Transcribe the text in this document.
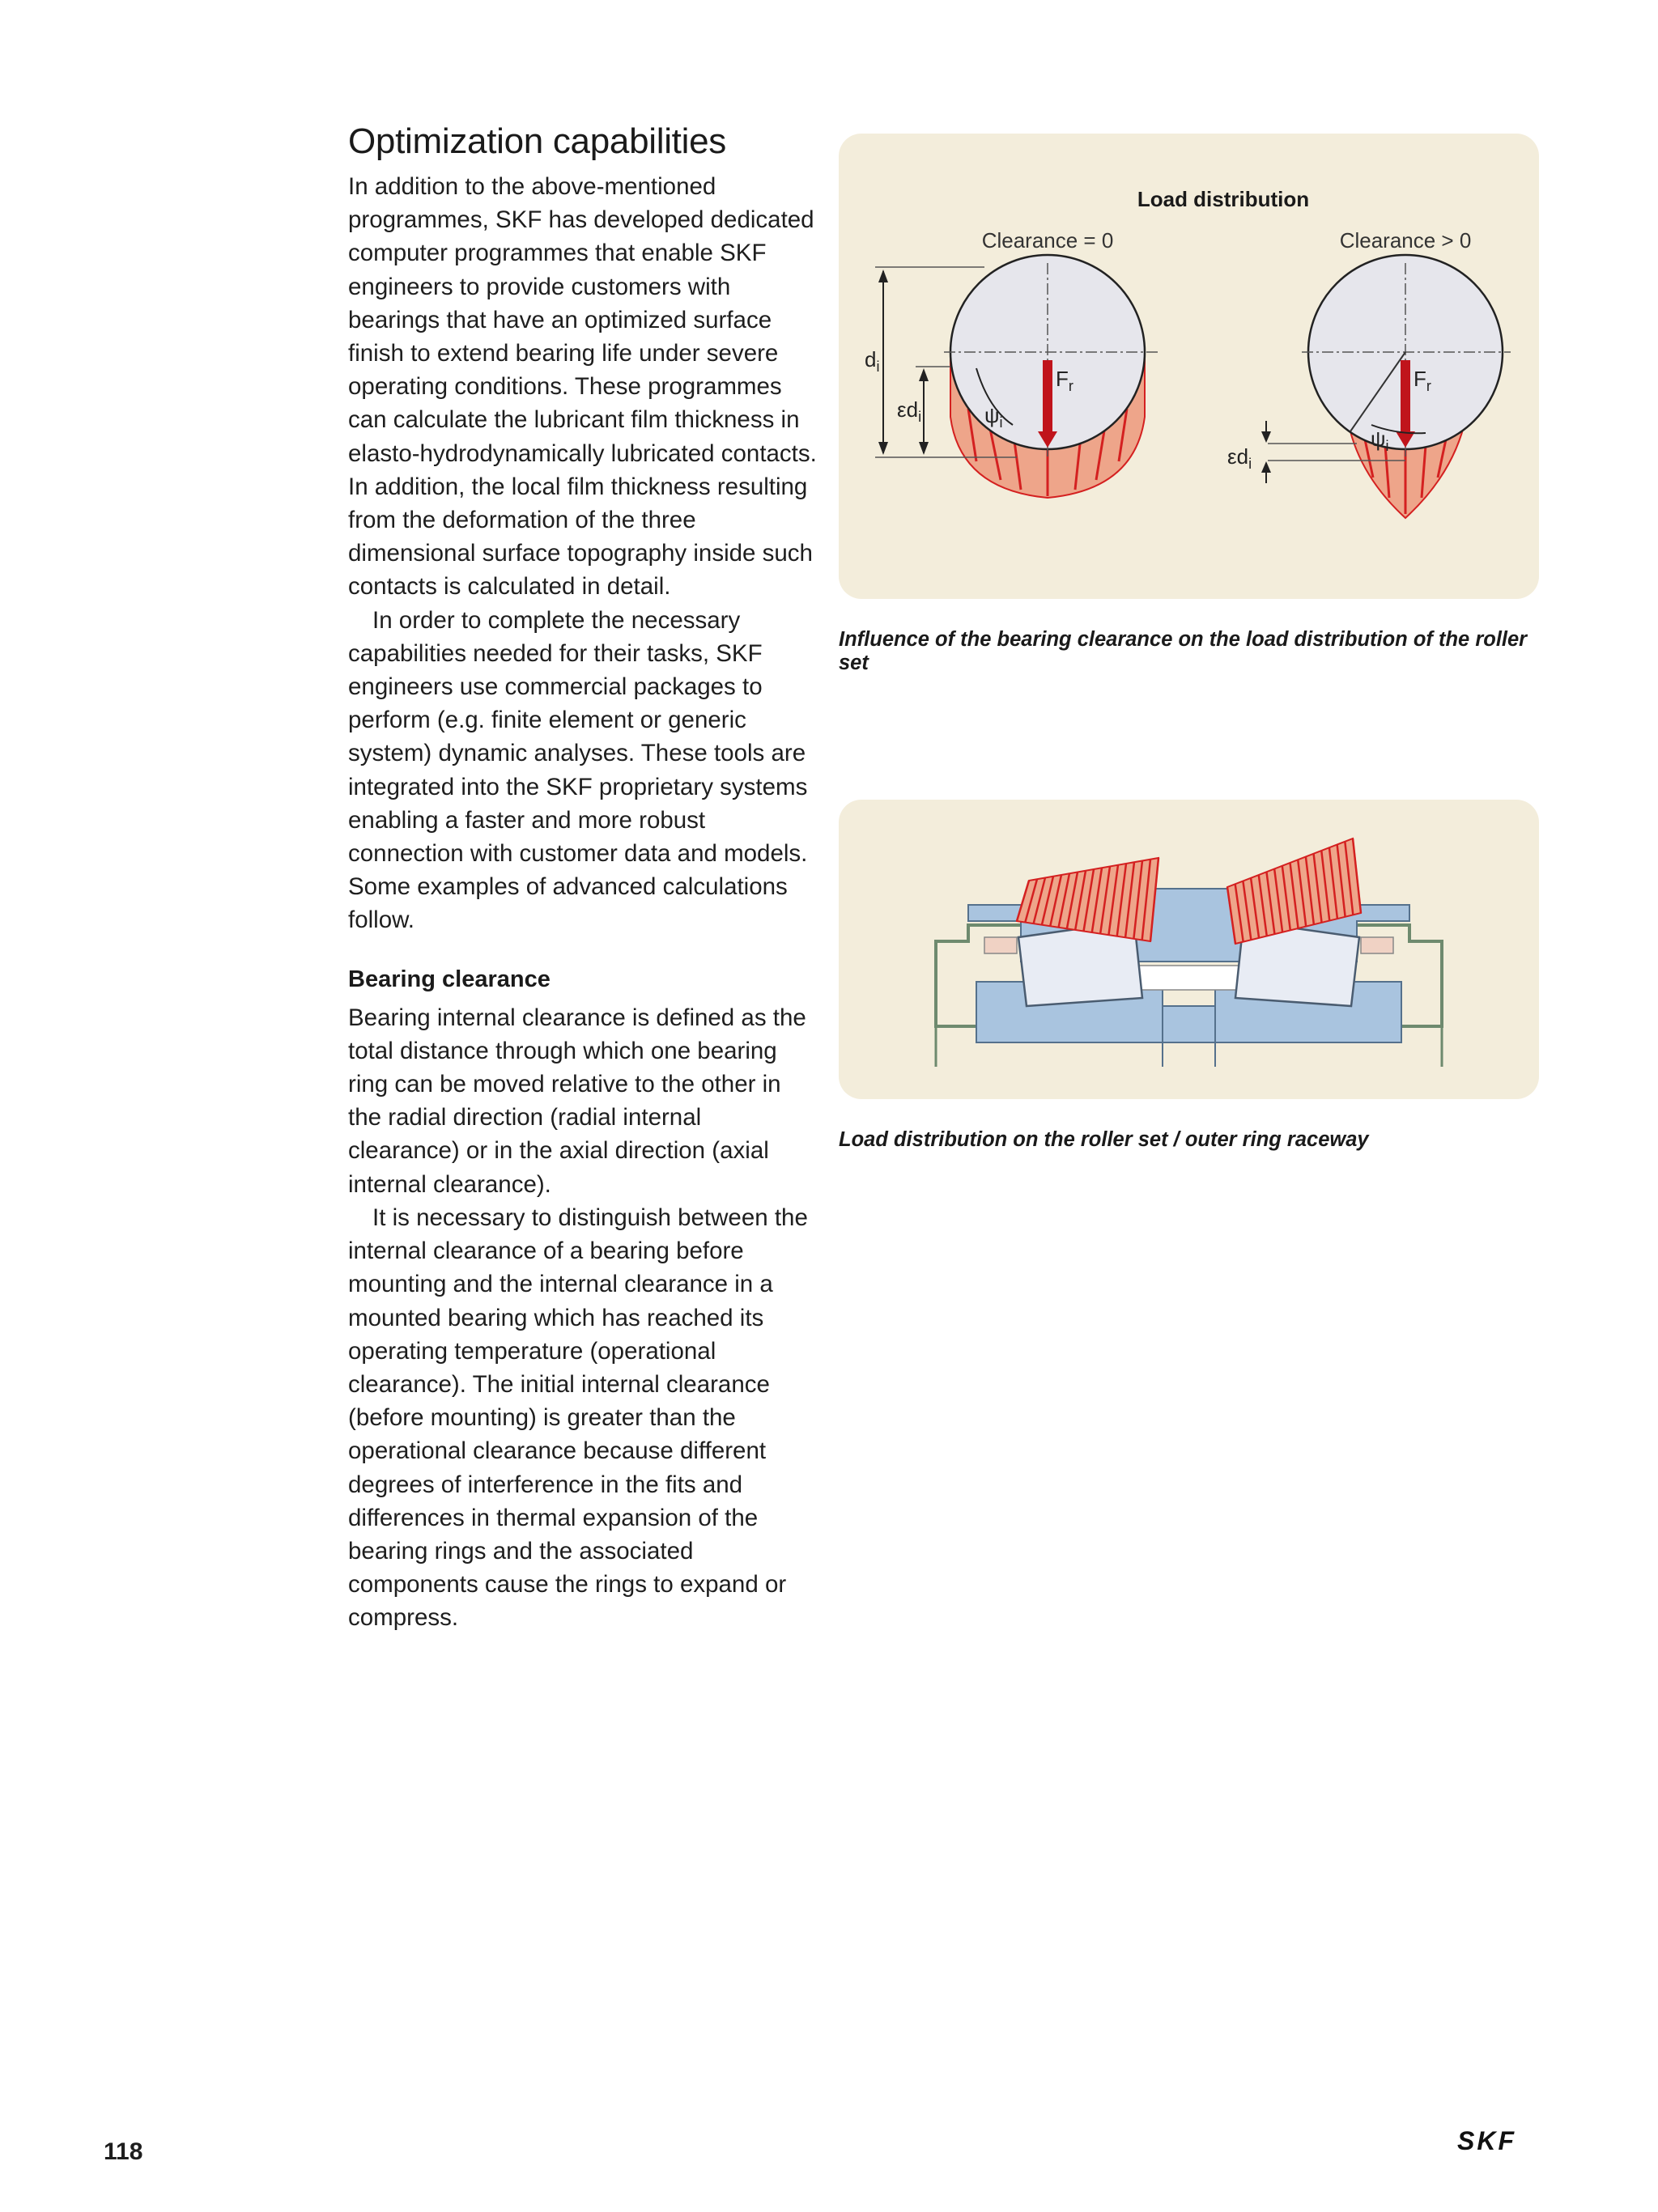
Optimization capabilities

In addition to the above-mentioned programmes, SKF has developed dedicated computer programmes that enable SKF engineers to provide customers with bearings that have an optimized surface finish to extend bearing life under severe operating conditions. These programmes can calculate the lubricant film thickness in elasto-hydrodynamically lubricated contacts. In addition, the local film thickness resulting from the deformation of the three dimensional surface topography inside such contacts is calculated in detail.

In order to complete the necessary capabilities needed for their tasks, SKF engineers use commercial packages to perform (e.g. finite element or generic system) dynamic analyses. These tools are integrated into the SKF proprietary systems enabling a faster and more robust connection with customer data and models. Some examples of advanced calculations follow.

Bearing clearance

Bearing internal clearance is defined as the total distance through which one bearing ring can be moved relative to the other in the radial direction (radial internal clearance) or in the axial direction (axial internal clearance).

It is necessary to distinguish between the internal clearance of a bearing before mounting and the internal clearance in a mounted bearing which has reached its operating temperature (operational clearance). The initial internal clearance (before mounting) is greater than the operational clearance because different degrees of interference in the fits and differences in thermal expansion of the bearing rings and the associated components cause the rings to expand or compress.

Load distribution
Clearance = 0	Clearance > 0
$F_r$
$\psi_i$
$d_i$
$\varepsilon d_i$
$F_r$
$\psi_i$
$\varepsilon d_i$
Influence of the bearing clearance on the load distribution of the roller set
Load distribution on the roller set / outer ring raceway
118	SKF
